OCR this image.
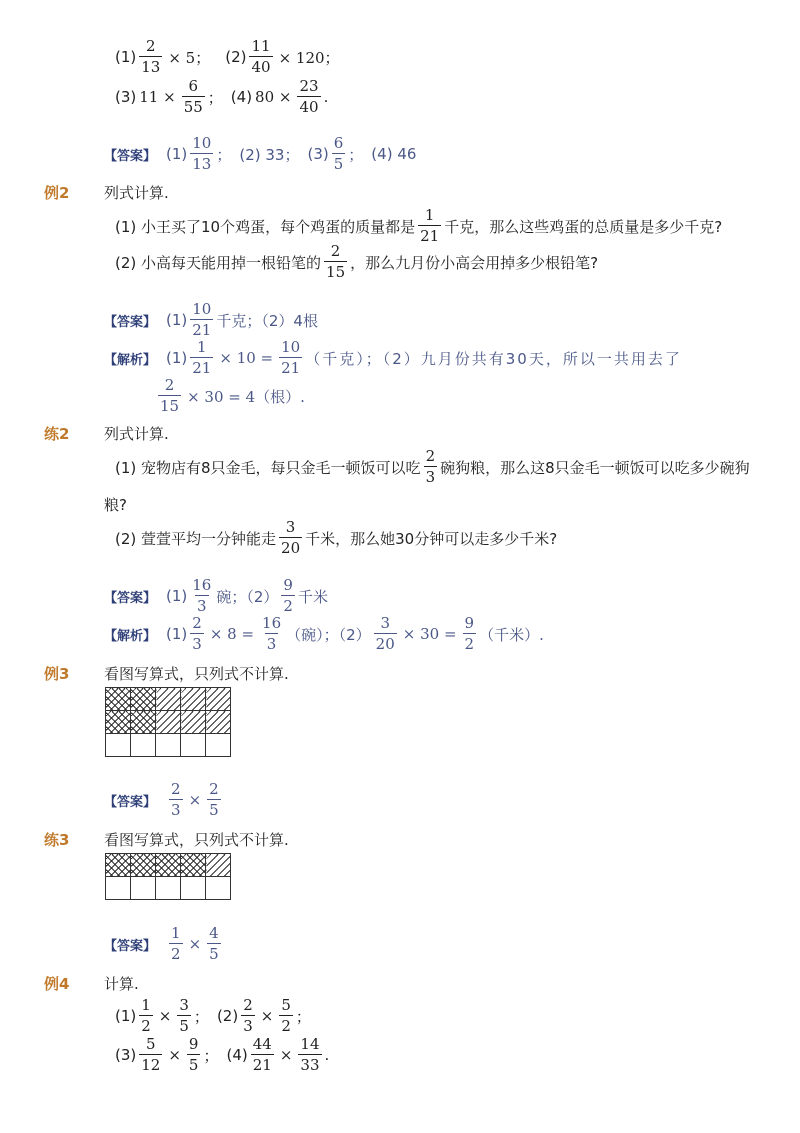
$(1) \frac{2}{13} \times 5$； $(2) \frac{11}{40} \times 120$；
(3) $11 \times \frac{6}{55}$ ； (4) $80 \times \frac{23}{40}$ .
【答案】 $(1) \frac{10}{13}$ ； (2) 33； $(3) \frac{6}{5}$ ； (4) 46
例2 列式计算.
(1) 小王买了10个鸡蛋，每个鸡蛋的质量都是 $\frac{1}{21}$ 千克，那么这些鸡蛋的总质量是多少千克?
(2) 小高每天能用掉一根铅笔的 $\frac{2}{15}$ ，那么九月份小高会用掉多少根铅笔?
【答案】 $(1) \frac{10}{21}$ 千克；（2）4根
【解析】 $(1) \frac{1}{21} \times 10 = \frac{10}{21}$ （千克）；（2）九月份共有30天，所以一共用去了
$\frac{2}{15} \times 30 = 4$（根）.
练2 列式计算.
(1) 宠物店有8只金毛，每只金毛一顿饭可以吃 $\frac{2}{3}$ 碗狗粮，那么这8只金毛一顿饭可以吃多少碗狗
粮?
(2) 萱萱平均一分钟能走 $\frac{3}{20}$ 千米，那么她30分钟可以走多少千米?
【答案】 $(1) \frac{16}{3}$ 碗；$(2) \frac{9}{2}$ 千米
【解析】 $(1) \frac{2}{3} \times 8 = \frac{16}{3}$ （碗）；$(2) \frac{3}{20} \times 30 = \frac{9}{2}$ （千米）.
例3 看图写算式，只列式不计算.

【答案】 $\frac{2}{3} \times \frac{2}{5}$
练3 看图写算式，只列式不计算.

【答案】 $\frac{1}{2} \times \frac{4}{5}$
例4 计算.
$(1) \frac{1}{2} \times \frac{3}{5}$ ； $(2) \frac{2}{3} \times \frac{5}{2}$ ；
$(3) \frac{5}{12} \times \frac{9}{5}$ ； $(4) \frac{44}{21} \times \frac{14}{33}$ .
